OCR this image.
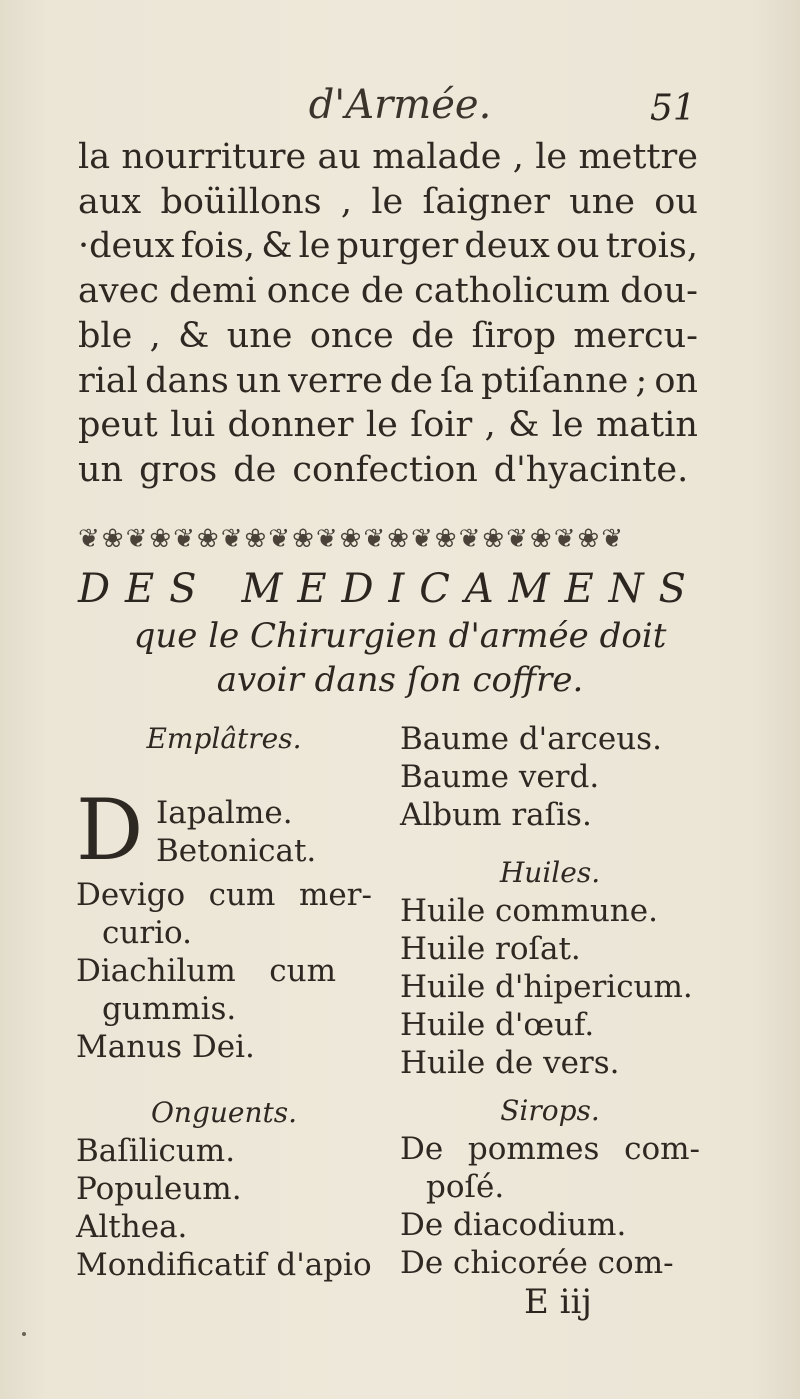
d'Armée.	51
la nourriture au malade , le mettre
aux boüillons , le ſaigner une ou
·deux fois, & le purger deux ou trois,
avec demi once de catholicum dou-
ble , & une once de ſirop mercu-
rial dans un verre de ſa ptiſanne ; on
peut lui donner le ſoir , & le matin
un gros de confection d'hyacinte.
❦❀❦❀❦❀❦❀❦❀❦❀❦❀❦❀❦❀❦❀❦❀❦
D E S M E D I C A M E N S
que le Chirurgien d'armée doit
avoir dans ſon coffre.
Emplâtres.
D Iapalme.
Betonicat.
Devigo cum mer-
curio.
Diachilum cum
gummis.
Manus Dei.
Onguents.
Baſilicum.
Populeum.
Althea.
Mondificatif d'apio
Baume d'arceus.
Baume verd.
Album raſis.
Huiles.
Huile commune.
Huile roſat.
Huile d'hipericum.
Huile d'œuf.
Huile de vers.
Sirops.
De pommes com-
poſé.
De diacodium.
De chicorée com-
E iij
